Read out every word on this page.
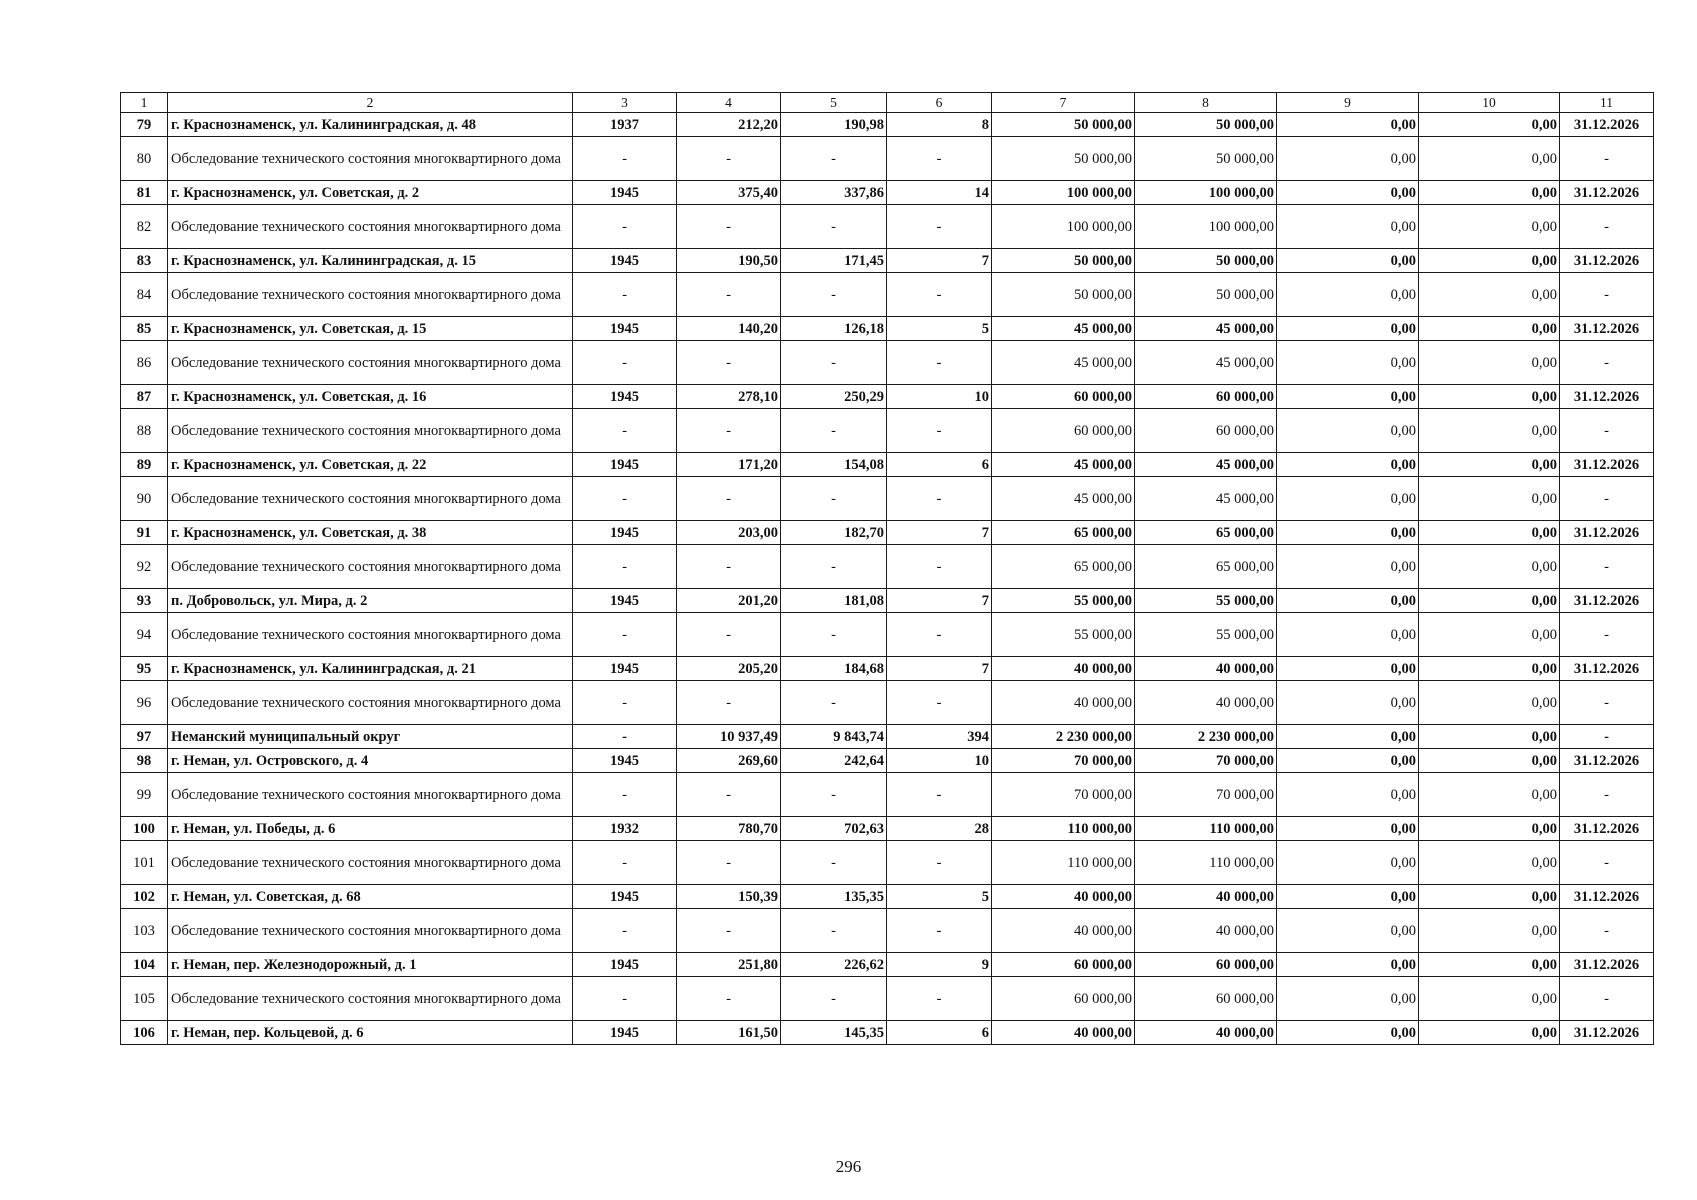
1	2	3	4	5	6	7	8	9	10	11
79	г. Краснознаменск, ул. Калининградская, д. 48	1937	212,20	190,98	8	50 000,00	50 000,00	0,00	0,00	31.12.2026
80	Обследование технического состояния многоквартирного дома	-	-	-	-	50 000,00	50 000,00	0,00	0,00	-
81	г. Краснознаменск, ул. Советская, д. 2	1945	375,40	337,86	14	100 000,00	100 000,00	0,00	0,00	31.12.2026
82	Обследование технического состояния многоквартирного дома	-	-	-	-	100 000,00	100 000,00	0,00	0,00	-
83	г. Краснознаменск, ул. Калининградская, д. 15	1945	190,50	171,45	7	50 000,00	50 000,00	0,00	0,00	31.12.2026
84	Обследование технического состояния многоквартирного дома	-	-	-	-	50 000,00	50 000,00	0,00	0,00	-
85	г. Краснознаменск, ул. Советская, д. 15	1945	140,20	126,18	5	45 000,00	45 000,00	0,00	0,00	31.12.2026
86	Обследование технического состояния многоквартирного дома	-	-	-	-	45 000,00	45 000,00	0,00	0,00	-
87	г. Краснознаменск, ул. Советская, д. 16	1945	278,10	250,29	10	60 000,00	60 000,00	0,00	0,00	31.12.2026
88	Обследование технического состояния многоквартирного дома	-	-	-	-	60 000,00	60 000,00	0,00	0,00	-
89	г. Краснознаменск, ул. Советская, д. 22	1945	171,20	154,08	6	45 000,00	45 000,00	0,00	0,00	31.12.2026
90	Обследование технического состояния многоквартирного дома	-	-	-	-	45 000,00	45 000,00	0,00	0,00	-
91	г. Краснознаменск, ул. Советская, д. 38	1945	203,00	182,70	7	65 000,00	65 000,00	0,00	0,00	31.12.2026
92	Обследование технического состояния многоквартирного дома	-	-	-	-	65 000,00	65 000,00	0,00	0,00	-
93	п. Добровольск, ул. Мира, д. 2	1945	201,20	181,08	7	55 000,00	55 000,00	0,00	0,00	31.12.2026
94	Обследование технического состояния многоквартирного дома	-	-	-	-	55 000,00	55 000,00	0,00	0,00	-
95	г. Краснознаменск, ул. Калининградская, д. 21	1945	205,20	184,68	7	40 000,00	40 000,00	0,00	0,00	31.12.2026
96	Обследование технического состояния многоквартирного дома	-	-	-	-	40 000,00	40 000,00	0,00	0,00	-
97	Неманский муниципальный округ	-	10 937,49	9 843,74	394	2 230 000,00	2 230 000,00	0,00	0,00	-
98	г. Неман, ул. Островского, д. 4	1945	269,60	242,64	10	70 000,00	70 000,00	0,00	0,00	31.12.2026
99	Обследование технического состояния многоквартирного дома	-	-	-	-	70 000,00	70 000,00	0,00	0,00	-
100	г. Неман, ул. Победы, д. 6	1932	780,70	702,63	28	110 000,00	110 000,00	0,00	0,00	31.12.2026
101	Обследование технического состояния многоквартирного дома	-	-	-	-	110 000,00	110 000,00	0,00	0,00	-
102	г. Неман, ул. Советская, д. 68	1945	150,39	135,35	5	40 000,00	40 000,00	0,00	0,00	31.12.2026
103	Обследование технического состояния многоквартирного дома	-	-	-	-	40 000,00	40 000,00	0,00	0,00	-
104	г. Неман, пер. Железнодорожный, д. 1	1945	251,80	226,62	9	60 000,00	60 000,00	0,00	0,00	31.12.2026
105	Обследование технического состояния многоквартирного дома	-	-	-	-	60 000,00	60 000,00	0,00	0,00	-
106	г. Неман, пер. Кольцевой, д. 6	1945	161,50	145,35	6	40 000,00	40 000,00	0,00	0,00	31.12.2026
296
